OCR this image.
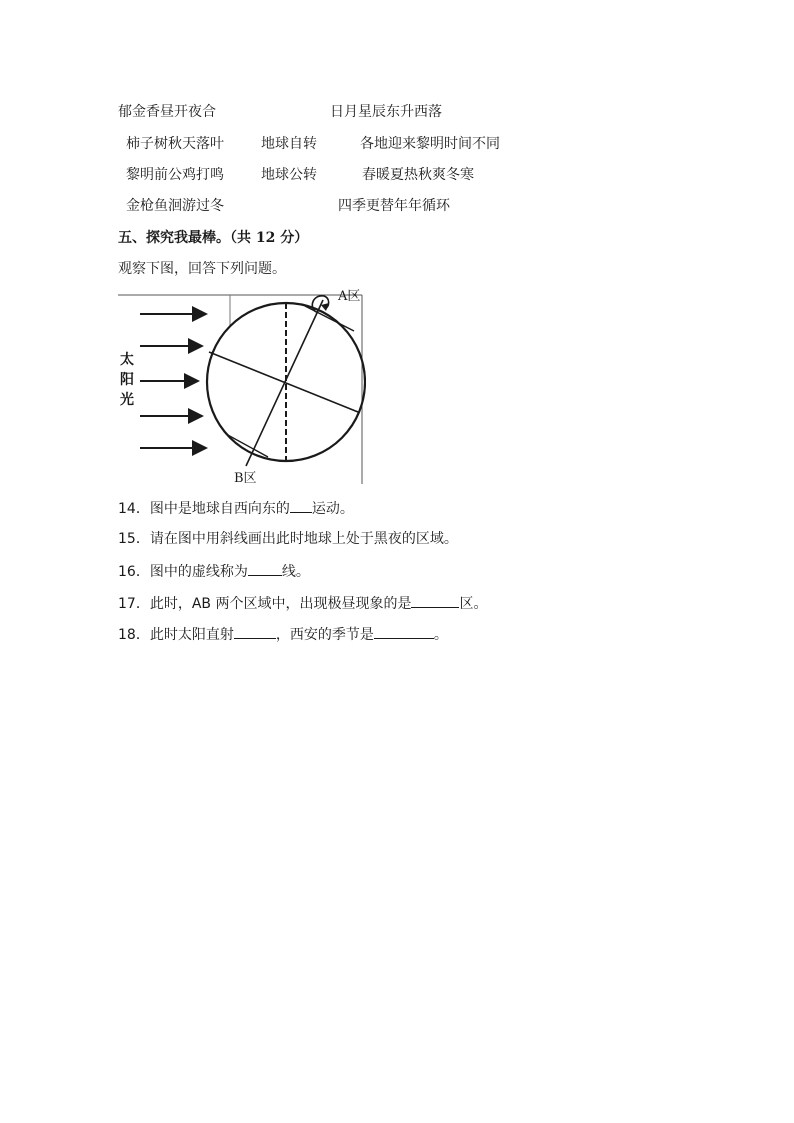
郁金香昼开夜合	日月星辰东升西落
柿子树秋天落叶	地球自转	各地迎来黎明时间不同
黎明前公鸡打鸣	地球公转	春暖夏热秋爽冬寒
金枪鱼洄游过冬	四季更替年年循环
五、探究我最棒。（共 12 分）
观察下图，回答下列问题。
太
阳
光
A区
B区
14．图中是地球自西向东的 运动。
15．请在图中用斜线画出此时地球上处于黑夜的区域。
16．图中的虚线称为 线。
17．此时，AB 两个区域中，出现极昼现象的是	区。
18．此时太阳直射	，西安的季节是	。
